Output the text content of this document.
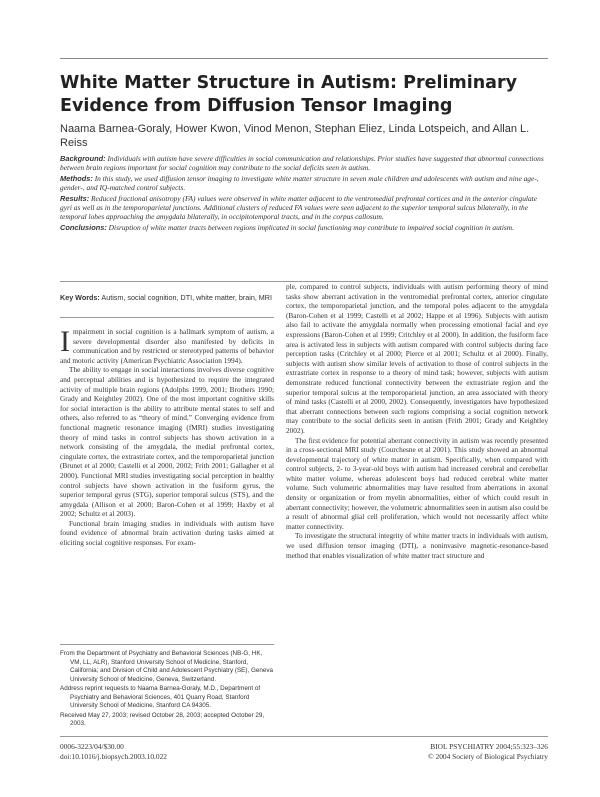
White Matter Structure in Autism: Preliminary Evidence from Diffusion Tensor Imaging

Naama Barnea-Goraly, Hower Kwon, Vinod Menon, Stephan Eliez, Linda Lotspeich, and Allan L. Reiss

Background: Individuals with autism have severe difficulties in social communication and relationships. Prior studies have suggested that abnormal connections between brain regions important for social cognition may contribute to the social deficits seen in autism.

Methods: In this study, we used diffusion tensor imaging to investigate white matter structure in seven male children and adolescents with autism and nine age-, gender-, and IQ-matched control subjects.

Results: Reduced fractional anisotropy (FA) values were observed in white matter adjacent to the ventromedial prefrontal cortices and in the anterior cingulate gyri as well as in the temporoparietal junctions. Additional clusters of reduced FA values were seen adjacent to the superior temporal sulcus bilaterally, in the temporal lobes approaching the amygdala bilaterally, in occipitotemporal tracts, and in the corpus callosum.

Conclusions: Disruption of white matter tracts between regions implicated in social functioning may contribute to impaired social cognition in autism.

Key Words: Autism, social cognition, DTI, white matter, brain, MRI

Impairment in social cognition is a hallmark symptom of autism, a severe developmental disorder also manifested by deficits in communication and by restricted or stereotyped patterns of behavior and motoric activity (American Psychiatric Association 1994).

The ability to engage in social interactions involves diverse cognitive and perceptual abilities and is hypothesized to require the integrated activity of multiple brain regions (Adolphs 1999, 2001; Brothers 1990; Grady and Keightley 2002). One of the most important cognitive skills for social interaction is the ability to attribute mental states to self and others, also referred to as “theory of mind.” Converging evidence from functional magnetic resonance imaging (fMRI) studies investigating theory of mind tasks in control subjects has shown activation in a network consisting of the amygdala, the medial prefrontal cortex, cingulate cortex, the extrastriate cortex, and the temporoparietal junction (Brunet et al 2000; Castelli et al 2000, 2002; Frith 2001; Gallagher et al 2000). Functional MRI studies investigating social perception in healthy control subjects have shown activation in the fusiform gyrus, the superior temporal gyrus (STG), superior temporal sulcus (STS), and the amygdala (Allison et al 2000; Baron-Cohen et al 1999; Haxby et al 2002; Schultz et al 2003).

Functional brain imaging studies in individuals with autism have found evidence of abnormal brain activation during tasks aimed at eliciting social cognitive responses. For exam-

ple, compared to control subjects, individuals with autism performing theory of mind tasks show aberrant activation in the ventromedial prefrontal cortex, anterior cingulate cortex, the temporoparietal junction, and the temporal poles adjacent to the amygdala (Baron-Cohen et al 1999; Castelli et al 2002; Happe et al 1996). Subjects with autism also fail to activate the amygdala normally when processing emotional facial and eye expressions (Baron-Cohen et al 1999; Critchley et al 2000). In addition, the fusiform face area is activated less in subjects with autism compared with control subjects during face perception tasks (Critchley et al 2000; Pierce et al 2001; Schultz et al 2000). Finally, subjects with autism show similar levels of activation to those of control subjects in the extrastriate cortex in response to a theory of mind task; however, subjects with autism demonstrate reduced functional connectivity between the extrastriate region and the superior temporal sulcus at the temporoparietal junction, an area associated with theory of mind tasks (Castelli et al 2000, 2002). Consequently, investigators have hypothesized that aberrant connections between such regions comprising a social cognition network may contribute to the social deficits seen in autism (Frith 2001; Grady and Keightley 2002).

The first evidence for potential aberrant connectivity in autism was recently presented in a cross-sectional MRI study (Courchesne et al 2001). This study showed an abnormal developmental trajectory of white matter in autism. Specifically, when compared with control subjects, 2- to 3-year-old boys with autism had increased cerebral and cerebellar white matter volume, whereas adolescent boys had reduced cerebral white matter volume. Such volumetric abnormalities may have resulted from aberrations in axonal density or organization or from myelin abnormalities, either of which could result in aberrant connectivity; however, the volumetric abnormalities seen in autism also could be a result of abnormal glial cell proliferation, which would not necessarily affect white matter connectivity.

To investigate the structural integrity of white matter tracts in individuals with autism, we used diffusion tensor imaging (DTI), a noninvasive magnetic-resonance-based method that enables visualization of white matter tract structure and

From the Department of Psychiatry and Behavioral Sciences (NB-G, HK, VM, LL, ALR), Stanford University School of Medicine, Stanford, California; and Division of Child and Adolescent Psychiatry (SE), Geneva University School of Medicine, Geneva, Switzerland.

Address reprint requests to Naama Barnea-Goraly, M.D., Department of Psychiatry and Behavioral Sciences, 401 Quarry Road, Stanford University School of Medicine, Stanford CA 94305.

Received May 27, 2003; revised October 28, 2003; accepted October 29, 2003.

0006-3223/04/$30.00
doi:10.1016/j.biopsych.2003.10.022
BIOL PSYCHIATRY 2004;55:323–326
© 2004 Society of Biological Psychiatry
